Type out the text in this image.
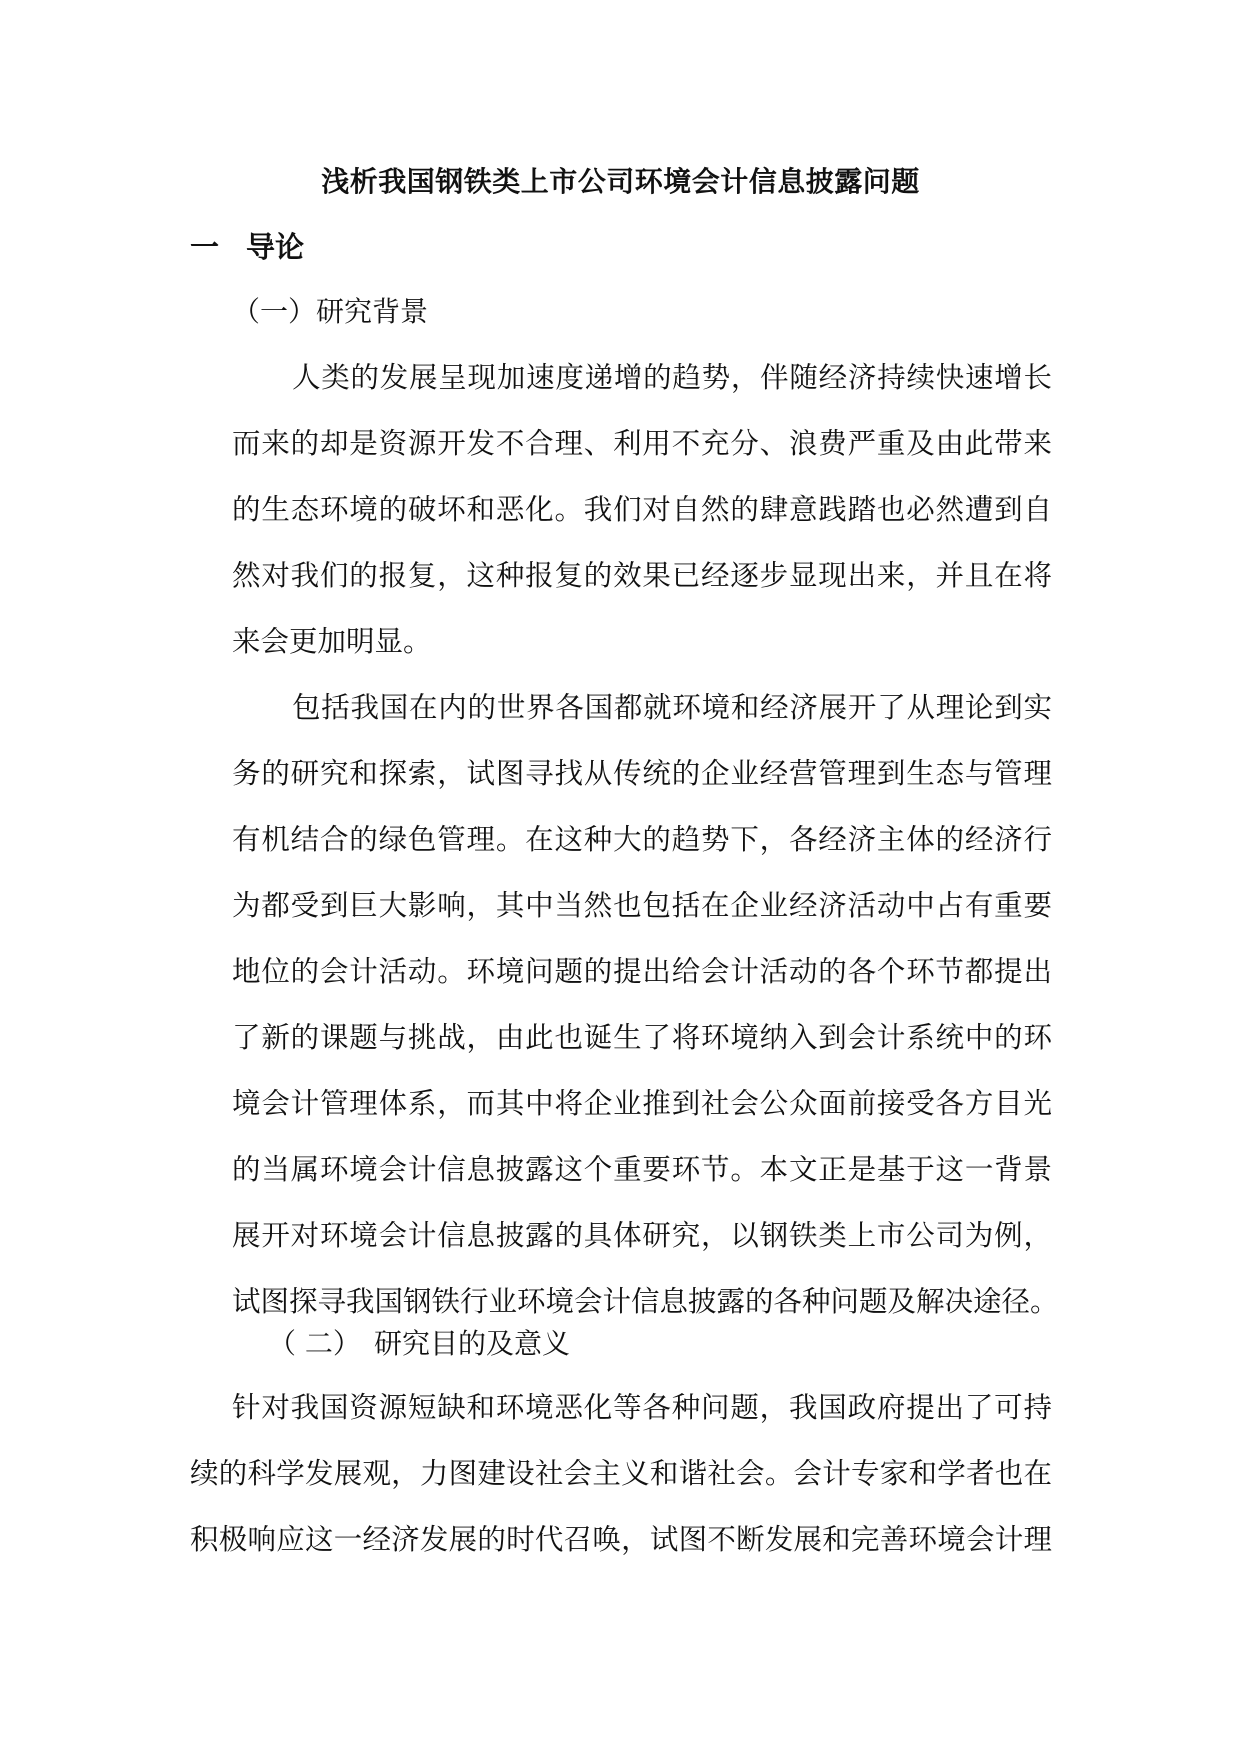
浅析我国钢铁类上市公司环境会计信息披露问题
一 导论
（一）研究背景
人类的发展呈现加速度递增的趋势，伴随经济持续快速增长
而来的却是资源开发不合理、利用不充分、浪费严重及由此带来
的生态环境的破坏和恶化。我们对自然的肆意践踏也必然遭到自
然对我们的报复，这种报复的效果已经逐步显现出来，并且在将
来会更加明显。
包括我国在内的世界各国都就环境和经济展开了从理论到实
务的研究和探索，试图寻找从传统的企业经营管理到生态与管理
有机结合的绿色管理。在这种大的趋势下，各经济主体的经济行
为都受到巨大影响，其中当然也包括在企业经济活动中占有重要
地位的会计活动。环境问题的提出给会计活动的各个环节都提出
了新的课题与挑战，由此也诞生了将环境纳入到会计系统中的环
境会计管理体系，而其中将企业推到社会公众面前接受各方目光
的当属环境会计信息披露这个重要环节。本文正是基于这一背景
展开对环境会计信息披露的具体研究，以钢铁类上市公司为例，
试图探寻我国钢铁行业环境会计信息披露的各种问题及解决途径。
（ 二） 研究目的及意义
针对我国资源短缺和环境恶化等各种问题，我国政府提出了可持
续的科学发展观，力图建设社会主义和谐社会。会计专家和学者也在
积极响应这一经济发展的时代召唤，试图不断发展和完善环境会计理
